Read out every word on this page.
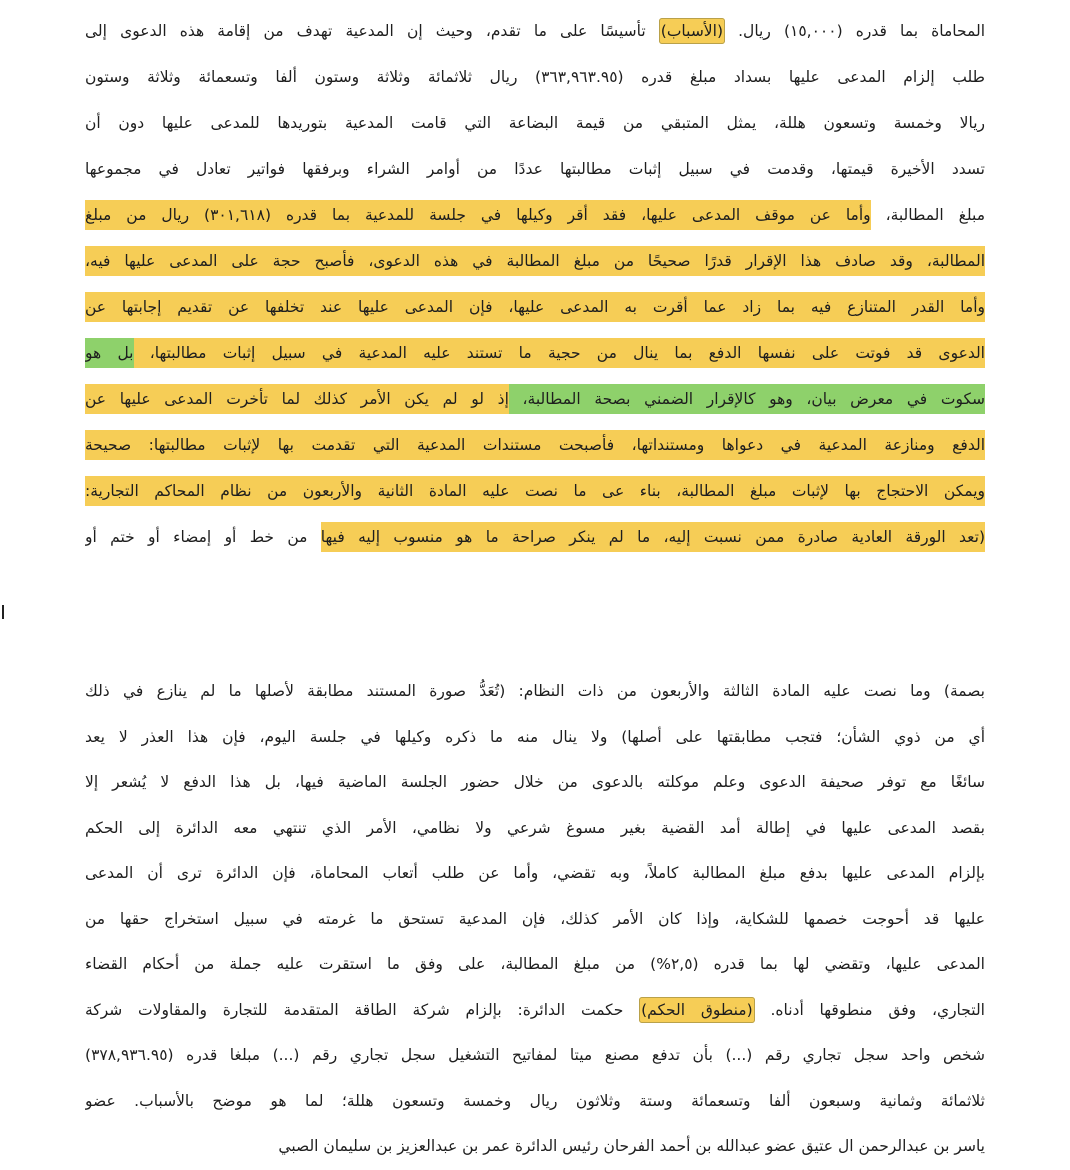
المحاماة بما قدره (١٥,٠٠٠) ريال. (الأسباب) تأسيسًا على ما تقدم، وحيث إن المدعية تهدف من إقامة هذه الدعوى إلى
طلب إلزام المدعى عليها بسداد مبلغ قدره (٣٦٣,٩٦٣.٩٥) ريال ثلاثمائة وثلاثة وستون ألفا وتسعمائة وثلاثة وستون
ريالا وخمسة وتسعون هللة، يمثل المتبقي من قيمة البضاعة التي قامت المدعية بتوريدها للمدعى عليها دون أن
تسدد الأخيرة قيمتها، وقدمت في سبيل إثبات مطالبتها عددًا من أوامر الشراء وبرفقها فواتير تعادل في مجموعها
مبلغ المطالبة، وأما عن موقف المدعى عليها، فقد أقر وكيلها في جلسة للمدعية بما قدره (٣٠١,٦١٨) ريال من مبلغ
المطالبة، وقد صادف هذا الإقرار قدرًا صحيحًا من مبلغ المطالبة في هذه الدعوى، فأصبح حجة على المدعى عليها فيه،
وأما القدر المتنازع فيه بما زاد عما أقرت به المدعى عليها، فإن المدعى عليها عند تخلفها عن تقديم إجابتها عن
الدعوى قد فوتت على نفسها الدفع بما ينال من حجية ما تستند عليه المدعية في سبيل إثبات مطالبتها، بل هو
سكوت في معرض بيان، وهو كالإقرار الضمني بصحة المطالبة، إذ لو لم يكن الأمر كذلك لما تأخرت المدعى عليها عن
الدفع ومنازعة المدعية في دعواها ومستنداتها، فأصبحت مستندات المدعية التي تقدمت بها لإثبات مطالبتها: صحيحة
ويمكن الاحتجاج بها لإثبات مبلغ المطالبة، بناء عى ما نصت عليه المادة الثانية والأربعون من نظام المحاكم التجارية:
(تعد الورقة العادية صادرة ممن نسبت إليه، ما لم ينكر صراحة ما هو منسوب إليه فيها من خط أو إمضاء أو ختم أو
بصمة) وما نصت عليه المادة الثالثة والأربعون من ذات النظام: (تُعَدُّ صورة المستند مطابقة لأصلها ما لم ينازع في ذلك
أي من ذوي الشأن؛ فتجب مطابقتها على أصلها) ولا ينال منه ما ذكره وكيلها في جلسة اليوم، فإن هذا العذر لا يعد
سائغًا مع توفر صحيفة الدعوى وعلم موكلته بالدعوى من خلال حضور الجلسة الماضية فيها، بل هذا الدفع لا يُشعر إلا
بقصد المدعى عليها في إطالة أمد القضية بغير مسوغ شرعي ولا نظامي، الأمر الذي تنتهي معه الدائرة إلى الحكم
بإلزام المدعى عليها بدفع مبلغ المطالبة كاملاً، وبه تقضي، وأما عن طلب أتعاب المحاماة، فإن الدائرة ترى أن المدعى
عليها قد أحوجت خصمها للشكاية، وإذا كان الأمر كذلك، فإن المدعية تستحق ما غرمته في سبيل استخراج حقها من
المدعى عليها، وتقضي لها بما قدره (٢,٥%) من مبلغ المطالبة، على وفق ما استقرت عليه جملة من أحكام القضاء
التجاري، وفق منطوقها أدناه. (منطوق الحكم) حكمت الدائرة: بإلزام شركة الطاقة المتقدمة للتجارة والمقاولات شركة
شخص واحد سجل تجاري رقم (...) بأن تدفع مصنع ميتا لمفاتيح التشغيل سجل تجاري رقم (...) مبلغا قدره (٣٧٨,٩٣٦.٩٥)
ثلاثمائة وثمانية وسبعون ألفا وتسعمائة وستة وثلاثون ريال وخمسة وتسعون هللة؛ لما هو موضح بالأسباب. عضو
ياسر بن عبدالرحمن ال عتيق عضو عبدالله بن أحمد الفرحان رئيس الدائرة عمر بن عبدالعزيز بن سليمان الصبي
